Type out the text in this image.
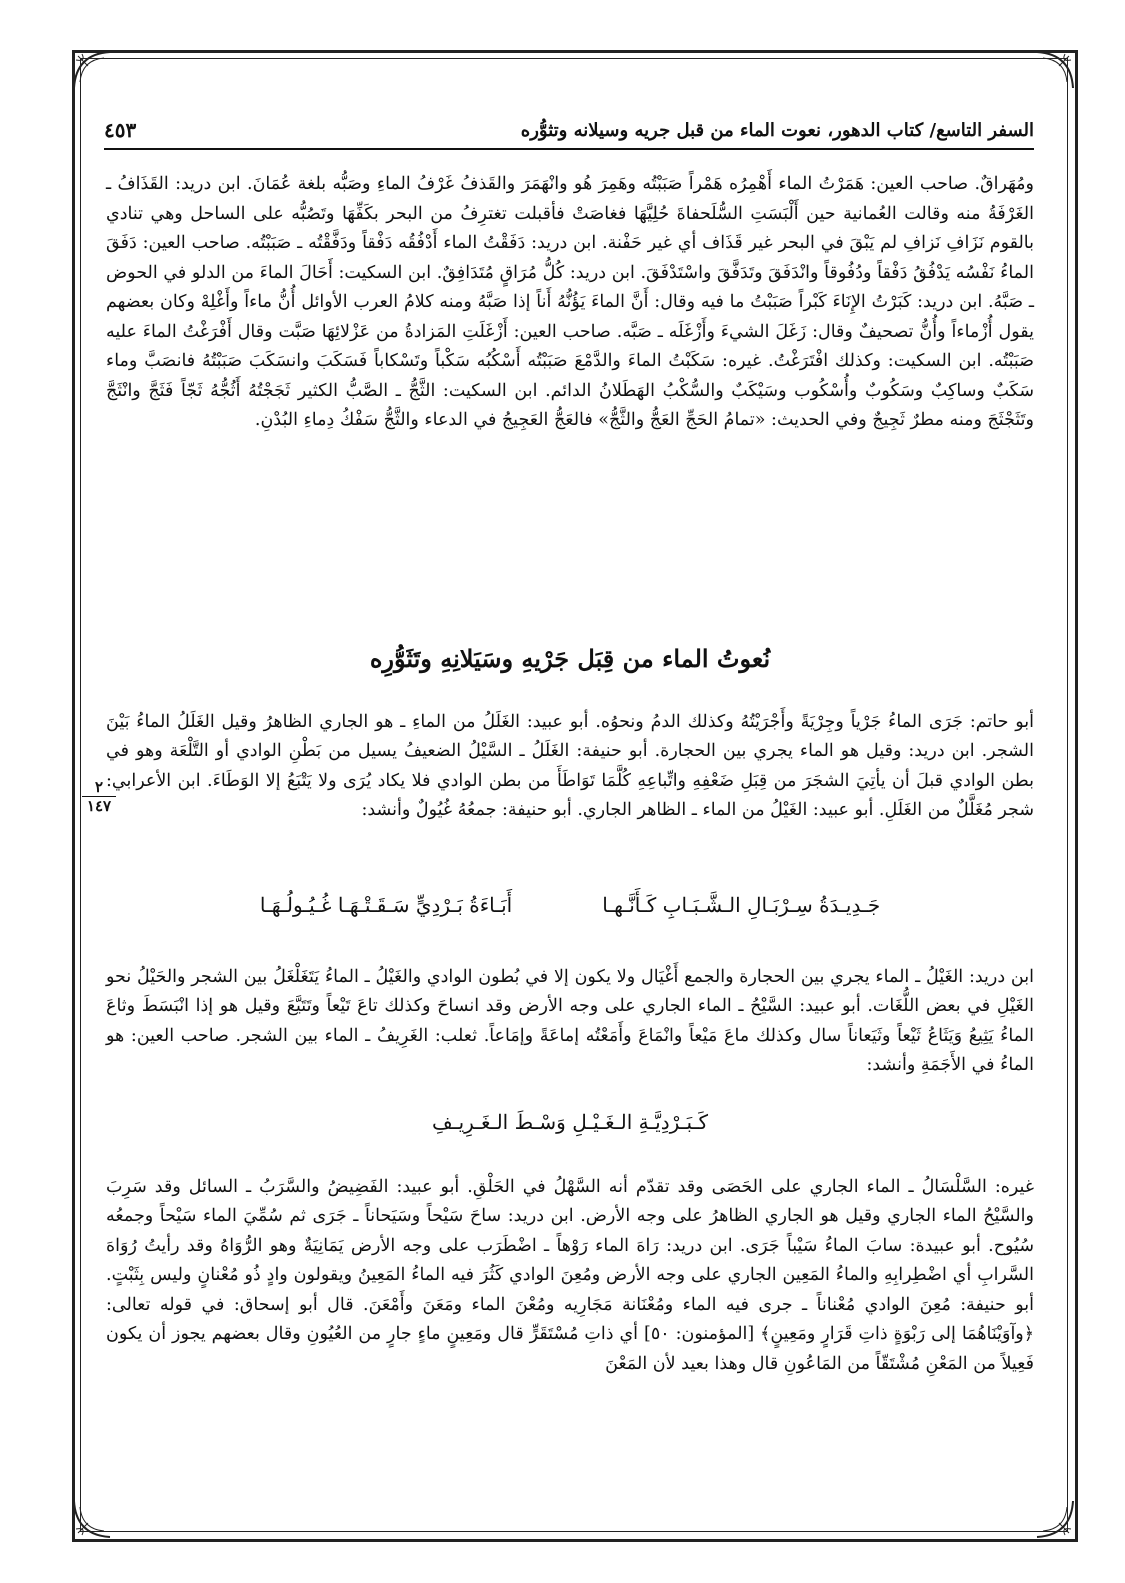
السفر التاسع/ كتاب الدهور، نعوت الماء من قبل جريه وسيلانه وتثوُّره
٤٥٣

ومُهَراقٌ. صاحب العين: هَمَرْتُ الماء أَهْمِرُه هَمْراً صَبَبْتُه وهَمِرَ هُو وانْهَمَرَ والقَذفُ غَرْفُ الماءِ وصَبُّه بلغة عُمَانَ. ابن دريد: القَذَافُ ـ الغَرْفَةُ منه وقالت العُمانية حين أَلْبَسَتِ السُّلَحفاةَ حُلِيَّهَا فغاصَتْ فأقبلت تغترِفُ من البحر بكَفِّهَا وتَصُبُّه على الساحل وهي تنادي بالقوم نَزَافِ نَزافِ لم يَبْقَ في البحر غير قَذَاف أي غير حَفْنة. ابن دريد: دَفَقْتُ الماء أَدْفُقُه دَفْقاً ودَفَّقْتُه ـ صَبَبْتُه. صاحب العين: دَفَقَ الماءُ نَفْسُه يَدْفُقُ دَفْقاً ودُفُوقاً وانْدَفَقَ وتَدَفَّقَ واسْتَدْفَقَ. ابن دريد: كُلُّ مُرَاقٍ مُتَدَافِقٌ. ابن السكيت: أَحَالَ الماءَ من الدلو في الحوض ـ صَبَّهُ. ابن دريد: كَبَرْتُ الإِنَاءَ كَبْراً صَبَبْتُ ما فيه وقال: أَنَّ الماءَ يَؤُنُّهُ أَناً إذا صَبَّهُ ومنه كلامُ العرب الأوائل أُنُّ ماءاً وأَغْلِهْ وكان بعضهم يقول أُزْماءاً وأُنُّ تصحيفٌ وقال: زَغَلَ الشيءَ وأَزْغَلَه ـ صَبَّه. صاحب العين: أَزْغَلَتِ المَزادةُ من عَزْلائِهَا صَبَّت وقال أَفْرَغْتُ الماءَ عليه صَبَبْتُه. ابن السكيت: وكذلك افْتَرَغْتُ. غيره: سَكَبْتُ الماءَ والدَّمْعَ صَبَبْتُه أَسْكُبُه سَكْباً وتَسْكاباً فَسَكَبَ وانسَكَبَ صَبَبْتُهُ فانصَبَّ وماء سَكَبٌ وساكِبٌ وسَكُوبٌ وأُسْكُوب وسَيْكَبٌ والسُّكْبُ الهَطَلانُ الدائم. ابن السكيت: الثَّجُّ ـ الصَّبُّ الكثير ثَجَجْتُهُ أَثُجُّهُ ثَجّاً فَثَجَّ وانْثَجَّ وتَثَجْثَجَ ومنه مطرٌ ثَجِيجٌ وفي الحديث: «تمامُ الحَجِّ العَجُّ والثَّجُّ» فالعَجُّ العَجِيجُ في الدعاء والثَّجُّ سَفْكُ دِماءِ البُدْنِ.

نُعوتُ الماء من قِبَل جَرْيهِ وسَيَلانِهِ وتَثَوُّرِه

أبو حاتم: جَرَى الماءُ جَرْياً وجِرْيَةً وأَجْرَيْتُهُ وكذلك الدمُ ونحوُه. أبو عبيد: الغَلَلُ من الماءِ ـ هو الجاري الظاهرُ وقيل الغَلَلُ الماءُ بَيْنَ الشجر. ابن دريد: وقيل هو الماء يجري بين الحجارة. أبو حنيفة: الغَلَلُ ـ السَّيْلُ الضعيفُ يسيل من بَطْنِ الوادي أو التَّلْعَة وهو في بطن الوادي قبلَ أن يأتِيَ الشجَرَ من قِبَلِ ضَعْفِهِ واتِّباعِهِ كُلَّمَا تَوَاطَأَ من بطن الوادي فلا يكاد يُرَى ولا يَتْبَعُ إلا الوَطَاءَ. ابن الأعرابي: شجر مُغَلَّلٌ من الغَلَلِ. أبو عبيد: الغَيْلُ من الماء ـ الظاهر الجاري. أبو حنيفة: جمعُهُ غُيُولٌ وأنشد:

٢
١٤٧
جَـدِيـدَةُ سِـرْبَـالِ الـشَّـبَـابِ كَـأَنَّـهـا
أَبَـاءَةُ بَـرْدِيٍّ سَـقَـتْـهَـا غُـيُـولُـهَـا

ابن دريد: الغَيْلُ ـ الماء يجري بين الحجارة والجمع أَغْيَال ولا يكون إلا في بُطون الوادي والغَيْلُ ـ الماءُ يَتَغَلْغَلُ بين الشجر والحَيْلُ نحو الغَيْلِ في بعض اللُّغَات. أبو عبيد: السَّيْحُ ـ الماء الجاري على وجه الأرض وقد انساحَ وكذلك تاعَ تَيْعاً وتَتَيَّعَ وقيل هو إذا انْبَسَطَ وثاعَ الماءُ يَثِيعُ وَيَثَاعُ ثَيْعاً وثَيَعاناً سال وكذلك ماعَ مَيْعاً وانْمَاعَ وأَمَعْتُه إماعَةً وإمَاعاً. ثعلب: الغَرِيفُ ـ الماء بين الشجر. صاحب العين: هو الماءُ في الأَجَمَةِ وأنشد:

كَـبَـرْدِيَّـةِ الـغَـيْـلِ وَسْـطَ الـغَـرِيـفِ

غيره: السَّلْسَالُ ـ الماء الجاري على الحَصَى وقد تقدّم أنه السَّهْلُ في الحَلْقِ. أبو عبيد: الفَضِيضُ والسَّرَبُ ـ السائل وقد سَرِبَ والسَّيْحُ الماء الجاري وقيل هو الجاري الظاهرُ على وجه الأرض. ابن دريد: ساحَ سَيْحاً وسَيَحاناً ـ جَرَى ثم سُمِّيَ الماء سَيْحاً وجمعُه سُيُوح. أبو عبيدة: سابَ الماءُ سَيْباً جَرَى. ابن دريد: رَاهَ الماء رَوْهاً ـ اضْطَرَب على وجه الأرض يَمَانِيَةٌ وهو الرُّوَاهُ وقد رأيتُ رُوَاهَ السَّرابِ أي اضْطِرابِهِ والماءُ المَعِين الجاري على وجه الأرض ومُعِنَ الوادي كَثُرَ فيه الماءُ المَعِينُ ويقولون وادٍ ذُو مُعْنانٍ وليس بِثَبْتٍ. أبو حنيفة: مُعِنَ الوادي مُعْناناً ـ جرى فيه الماء ومُعْنَانة مَجَارِيه ومُعْنَ الماء ومَعَنَ وأَمْعَنَ. قال أبو إسحاق: في قوله تعالى: ﴿وآوَيْنَاهُمَا إلى رَبْوَةٍ ذاتِ قَرَارٍ ومَعِينٍ﴾ [المؤمنون: ٥٠] أي ذاتِ مُسْتَقَرٍّ قال ومَعِينٍ ماءٍ جارٍ من العُيُونِ وقال بعضهم يجوز أن يكون فَعِيلاً من المَعْنِ مُشْتَقّاً من المَاعُونِ قال وهذا بعيد لأن المَعْنَ
